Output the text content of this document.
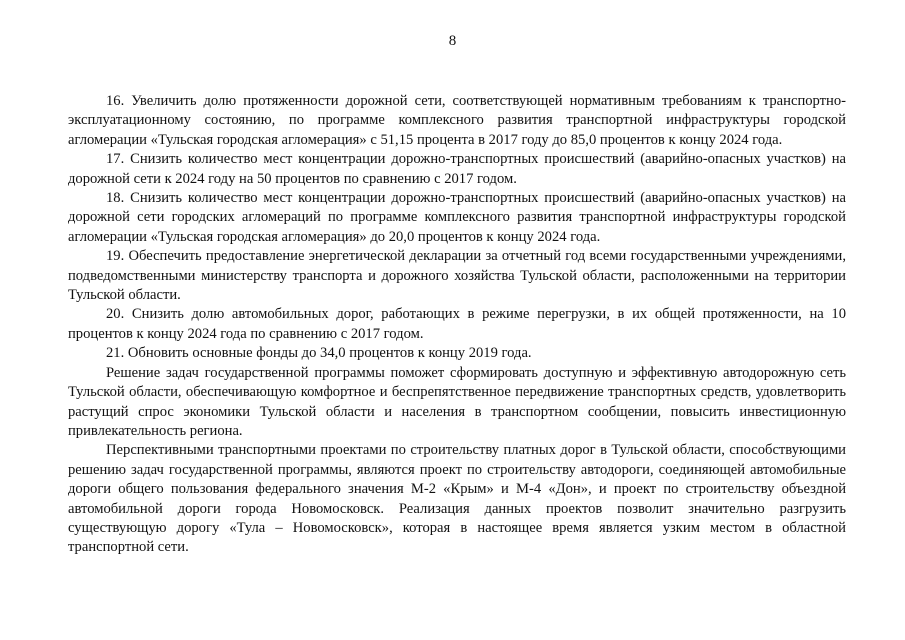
8

16. Увеличить долю протяженности дорожной сети, соответствующей нормативным требованиям к транспортно-эксплуатационному состоянию, по программе комплексного развития транспортной инфраструктуры городской агломерации «Тульская городская агломерация» с 51,15 процента в 2017 году до 85,0 процентов к концу 2024 года.

17. Снизить количество мест концентрации дорожно-транспортных происшествий (аварийно-опасных участков) на дорожной сети к 2024 году на 50 процентов по сравнению с 2017 годом.

18. Снизить количество мест концентрации дорожно-транспортных происшествий (аварийно-опасных участков) на дорожной сети городских агломераций по программе комплексного развития транспортной инфраструктуры городской агломерации «Тульская городская агломерация» до 20,0 процентов к концу 2024 года.

19. Обеспечить предоставление энергетической декларации за отчетный год всеми государственными учреждениями, подведомственными министерству транспорта и дорожного хозяйства Тульской области, расположенными на территории Тульской области.

20. Снизить долю автомобильных дорог, работающих в режиме перегрузки, в их общей протяженности, на 10 процентов к концу 2024 года по сравнению с 2017 годом.

21. Обновить основные фонды до 34,0 процентов к концу 2019 года.

Решение задач государственной программы поможет сформировать доступную и эффективную автодорожную сеть Тульской области, обеспечивающую комфортное и беспрепятственное передвижение транспортных средств, удовлетворить растущий спрос экономики Тульской области и населения в транспортном сообщении, повысить инвестиционную привлекательность региона.

Перспективными транспортными проектами по строительству платных дорог в Тульской области, способствующими решению задач государственной программы, являются проект по строительству автодороги, соединяющей автомобильные дороги общего пользования федерального значения М-2 «Крым» и М-4 «Дон», и проект по строительству объездной автомобильной дороги города Новомосковск. Реализация данных проектов позволит значительно разгрузить существующую дорогу «Тула – Новомосковск», которая в настоящее время является узким местом в областной транспортной сети.
